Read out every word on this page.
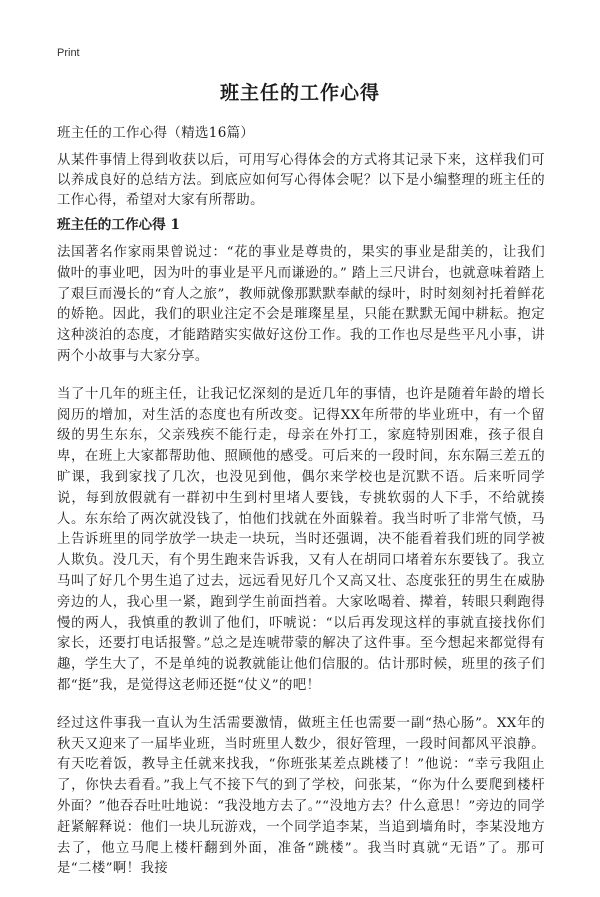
Print
班主任的工作心得

班主任的工作心得（精选16篇）

从某件事情上得到收获以后，可用写心得体会的方式将其记录下来，这样我们可以养成良好的总结方法。到底应如何写心得体会呢？以下是小编整理的班主任的工作心得，希望对大家有所帮助。

班主任的工作心得 1

法国著名作家雨果曾说过：“花的事业是尊贵的，果实的事业是甜美的，让我们做叶的事业吧，因为叶的事业是平凡而谦逊的。” 踏上三尺讲台，也就意味着踏上了艰巨而漫长的“育人之旅”，教师就像那默默奉献的绿叶，时时刻刻衬托着鲜花的娇艳。因此，我们的职业注定不会是璀璨星星，只能在默默无闻中耕耘。抱定这种淡泊的态度，才能踏踏实实做好这份工作。我的工作也尽是些平凡小事，讲两个小故事与大家分享。

当了十几年的班主任，让我记忆深刻的是近几年的事情，也许是随着年龄的增长阅历的增加，对生活的态度也有所改变。记得XX年所带的毕业班中，有一个留级的男生东东，父亲残疾不能行走，母亲在外打工，家庭特别困难，孩子很自卑，在班上大家都帮助他、照顾他的感受。可后来的一段时间，东东隔三差五的旷课，我到家找了几次，也没见到他，偶尔来学校也是沉默不语。后来听同学说，每到放假就有一群初中生到村里堵人要钱，专挑软弱的人下手，不给就揍人。东东给了两次就没钱了，怕他们找就在外面躲着。我当时听了非常气愤，马上告诉班里的同学放学一块走一块玩，当时还强调，决不能看着我们班的同学被人欺负。没几天，有个男生跑来告诉我，又有人在胡同口堵着东东要钱了。我立马叫了好几个男生追了过去，远远看见好几个又高又壮、态度张狂的男生在威胁旁边的人，我心里一紧，跑到学生前面挡着。大家吆喝着、撵着，转眼只剩跑得慢的两人，我慎重的教训了他们，吓唬说：“以后再发现这样的事就直接找你们家长，还要打电话报警。”总之是连唬带蒙的解决了这件事。至今想起来都觉得有趣，学生大了，不是单纯的说教就能让他们信服的。估计那时候，班里的孩子们都“挺”我，是觉得这老师还挺“仗义”的吧！

经过这件事我一直认为生活需要激情，做班主任也需要一副“热心肠”。XX年的秋天又迎来了一届毕业班，当时班里人数少，很好管理，一段时间都风平浪静。有天吃着饭，教导主任就来找我，“你班张某差点跳楼了！”他说：“幸亏我阻止了，你快去看看。”我上气不接下气的到了学校，问张某，“你为什么要爬到楼杆外面？”他吞吞吐吐地说：“我没地方去了。”“没地方去？什么意思！”旁边的同学赶紧解释说：他们一块儿玩游戏，一个同学追李某，当追到墙角时，李某没地方去了，他立马爬上楼杆翻到外面，准备“跳楼”。我当时真就“无语”了。那可是“二楼”啊！我接
